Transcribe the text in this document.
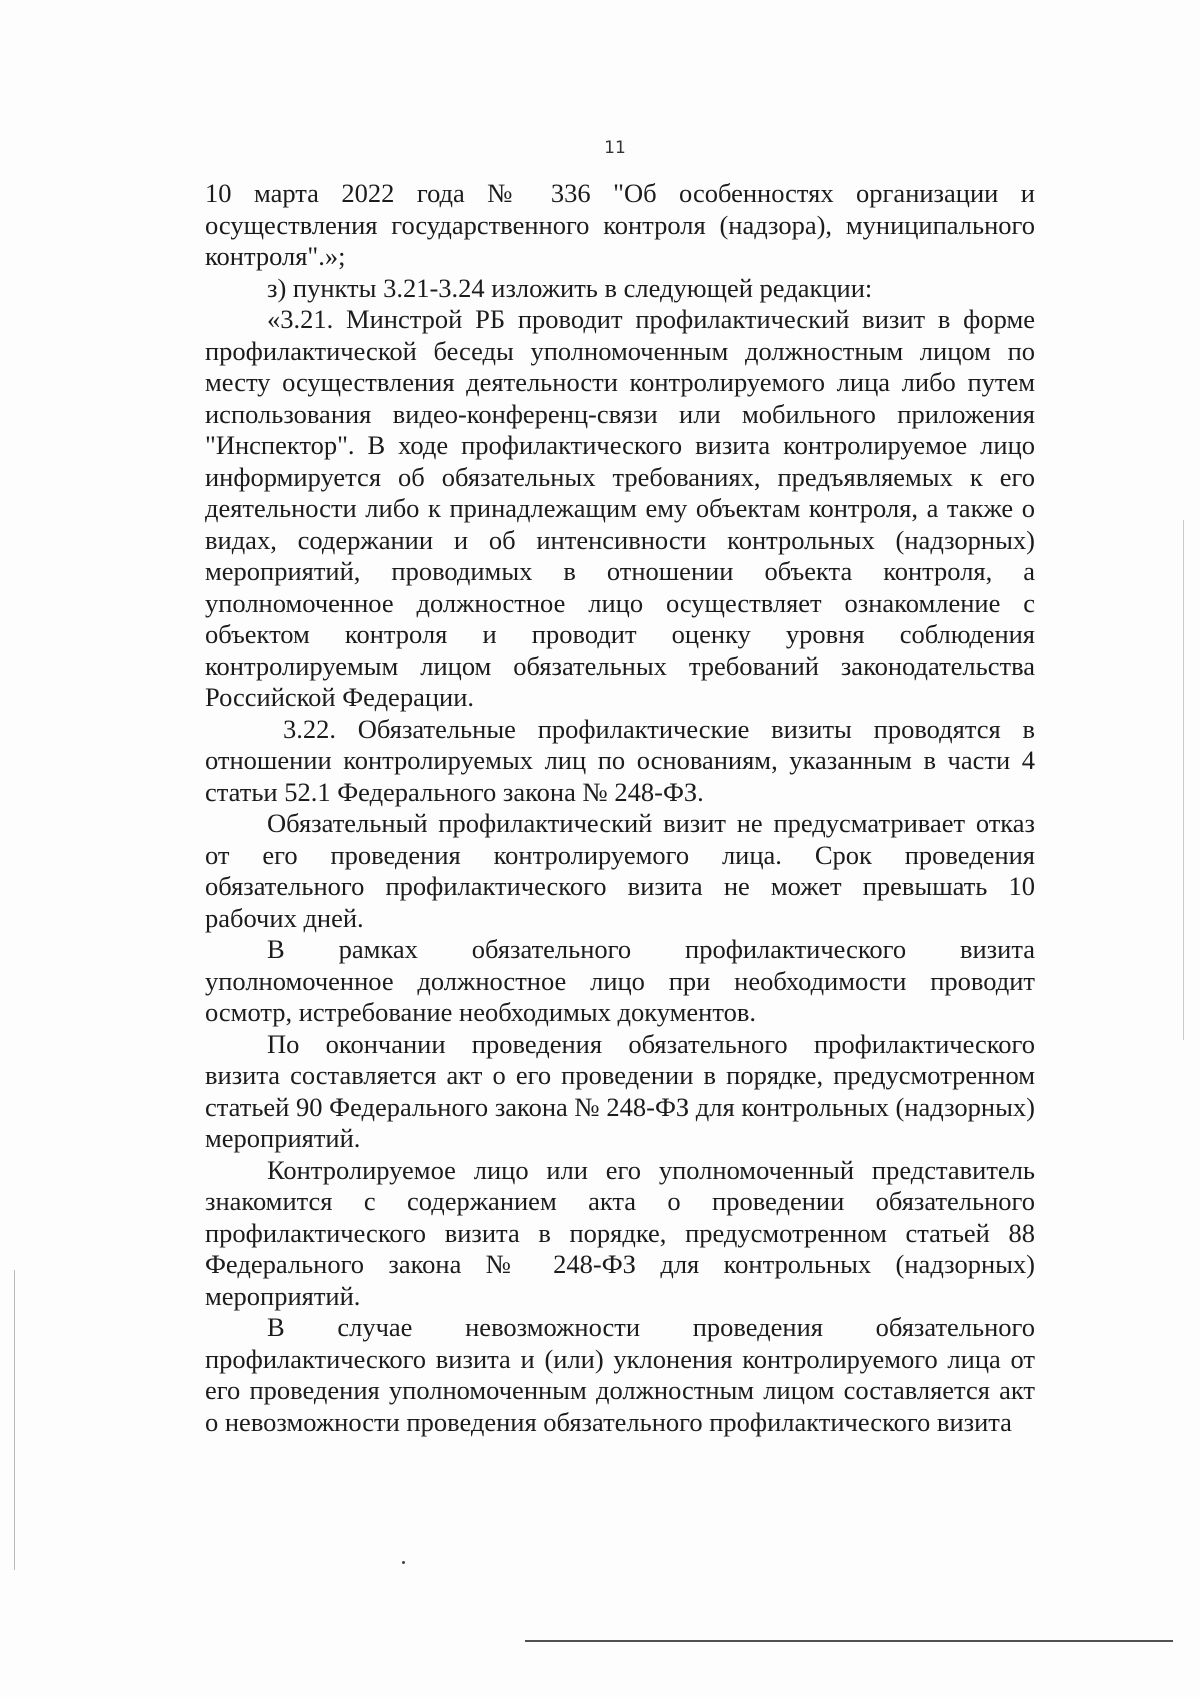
11

10 марта 2022 года № 336 "Об особенностях организации и осуществления государственного контроля (надзора), муниципального контроля".»;

з) пункты 3.21-3.24 изложить в следующей редакции:

«3.21. Минстрой РБ проводит профилактический визит в форме профилактической беседы уполномоченным должностным лицом по месту осуществления деятельности контролируемого лица либо путем использования видео-конференц-связи или мобильного приложения "Инспектор". В ходе профилактического визита контролируемое лицо информируется об обязательных требованиях, предъявляемых к его деятельности либо к принадлежащим ему объектам контроля, а также о видах, содержании и об интенсивности контрольных (надзорных) мероприятий, проводимых в отношении объекта контроля, а уполномоченное должностное лицо осуществляет ознакомление с объектом контроля и проводит оценку уровня соблюдения контролируемым лицом обязательных требований законодательства Российской Федерации.

3.22. Обязательные профилактические визиты проводятся в отношении контролируемых лиц по основаниям, указанным в части 4 статьи 52.1 Федерального закона № 248-ФЗ.

Обязательный профилактический визит не предусматривает отказ от его проведения контролируемого лица. Срок проведения обязательного профилактического визита не может превышать 10 рабочих дней.

В рамках обязательного профилактического визита уполномоченное должностное лицо при необходимости проводит осмотр, истребование необходимых документов.

По окончании проведения обязательного профилактического визита составляется акт о его проведении в порядке, предусмотренном статьей 90 Федерального закона № 248-ФЗ для контрольных (надзорных) мероприятий.

Контролируемое лицо или его уполномоченный представитель знакомится с содержанием акта о проведении обязательного профилактического визита в порядке, предусмотренном статьей 88 Федерального закона № 248-ФЗ для контрольных (надзорных) мероприятий.

В случае невозможности проведения обязательного профилактического визита и (или) уклонения контролируемого лица от его проведения уполномоченным должностным лицом составляется акт о невозможности проведения обязательного профилактического визита
